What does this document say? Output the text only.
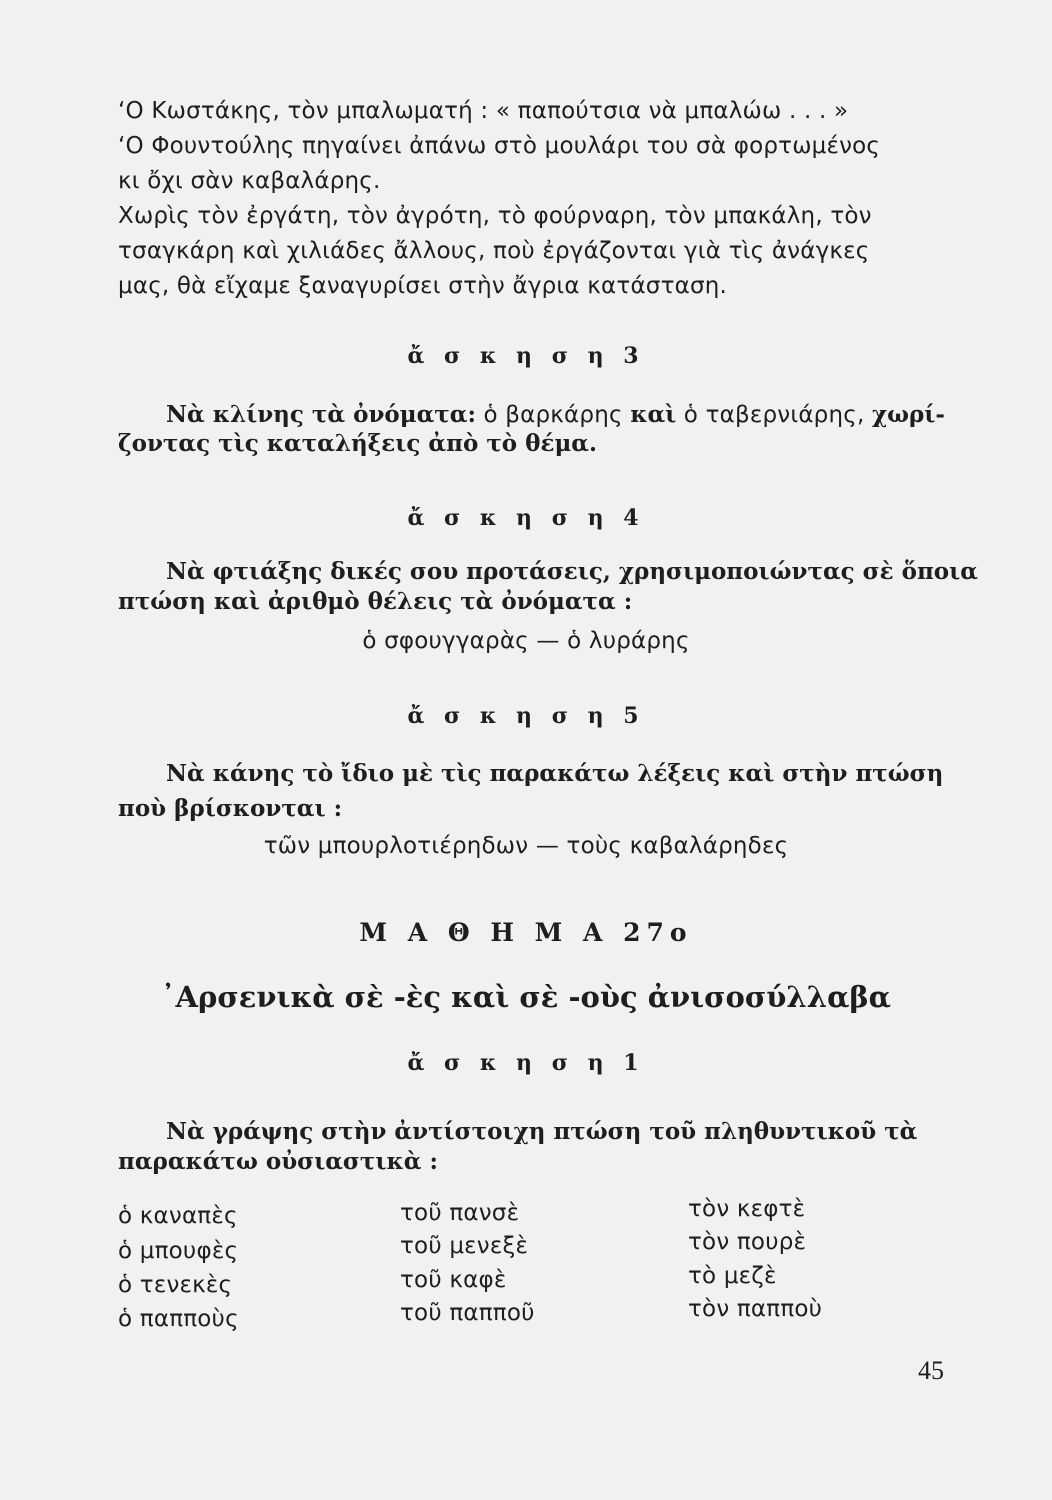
‘Ο Κωστάκης, τὸν μπαλωματή : « παπούτσια νὰ μπαλώω . . . »
‘Ο Φουντούλης πηγαίνει ἀπάνω στὸ μουλάρι του σὰ φορτωμένος
κι ὄχι σὰν καβαλάρης.
Χωρὶς τὸν ἐργάτη, τὸν ἀγρότη, τὸ φούρναρη, τὸν μπακάλη, τὸν
τσαγκάρη καὶ χιλιάδες ἄλλους, ποὺ ἐργάζονται γιὰ τὶς ἀνάγκες
μας, θὰ εἴχαμε ξαναγυρίσει στὴν ἄγρια κατάσταση.
ἄ σ κ η σ η 3
Νὰ κλίνης τὰ ὀνόματα: ὁ βαρκάρης καὶ ὁ ταβερνιάρης, χωρί-
ζοντας τὶς καταλήξεις ἀπὸ τὸ θέμα.
ἄ σ κ η σ η 4
Νὰ φτιάξης δικές σου προτάσεις, χρησιμοποιώντας σὲ ὅποια
πτώση καὶ ἀριθμὸ θέλεις τὰ ὀνόματα :
ὁ σφουγγαρὰς — ὁ λυράρης
ἄ σ κ η σ η 5
Νὰ κάνης τὸ ἴδιο μὲ τὶς παρακάτω λέξεις καὶ στὴν πτώση
ποὺ βρίσκονται :
τῶν μπουρλοτιέρηδων — τοὺς καβαλάρηδες
Μ Α Θ Η Μ Α 27ο
᾿Αρσενικὰ σὲ -ὲς καὶ σὲ -οὺς ἀνισοσύλλαβα
ἄ σ κ η σ η 1
Νὰ γράψης στὴν ἀντίστοιχη πτώση τοῦ πληθυντικοῦ τὰ
παρακάτω οὐσιαστικὰ :
ὁ καναπὲς	τοῦ πανσὲ	τὸν κεφτὲ
ὁ μπουφὲς	τοῦ μενεξὲ	τὸν πουρὲ
ὁ τενεκὲς	τοῦ καφὲ	τὸ μεζὲ
ὁ παπποὺς	τοῦ παπποῦ	τὸν παπποὺ
45
